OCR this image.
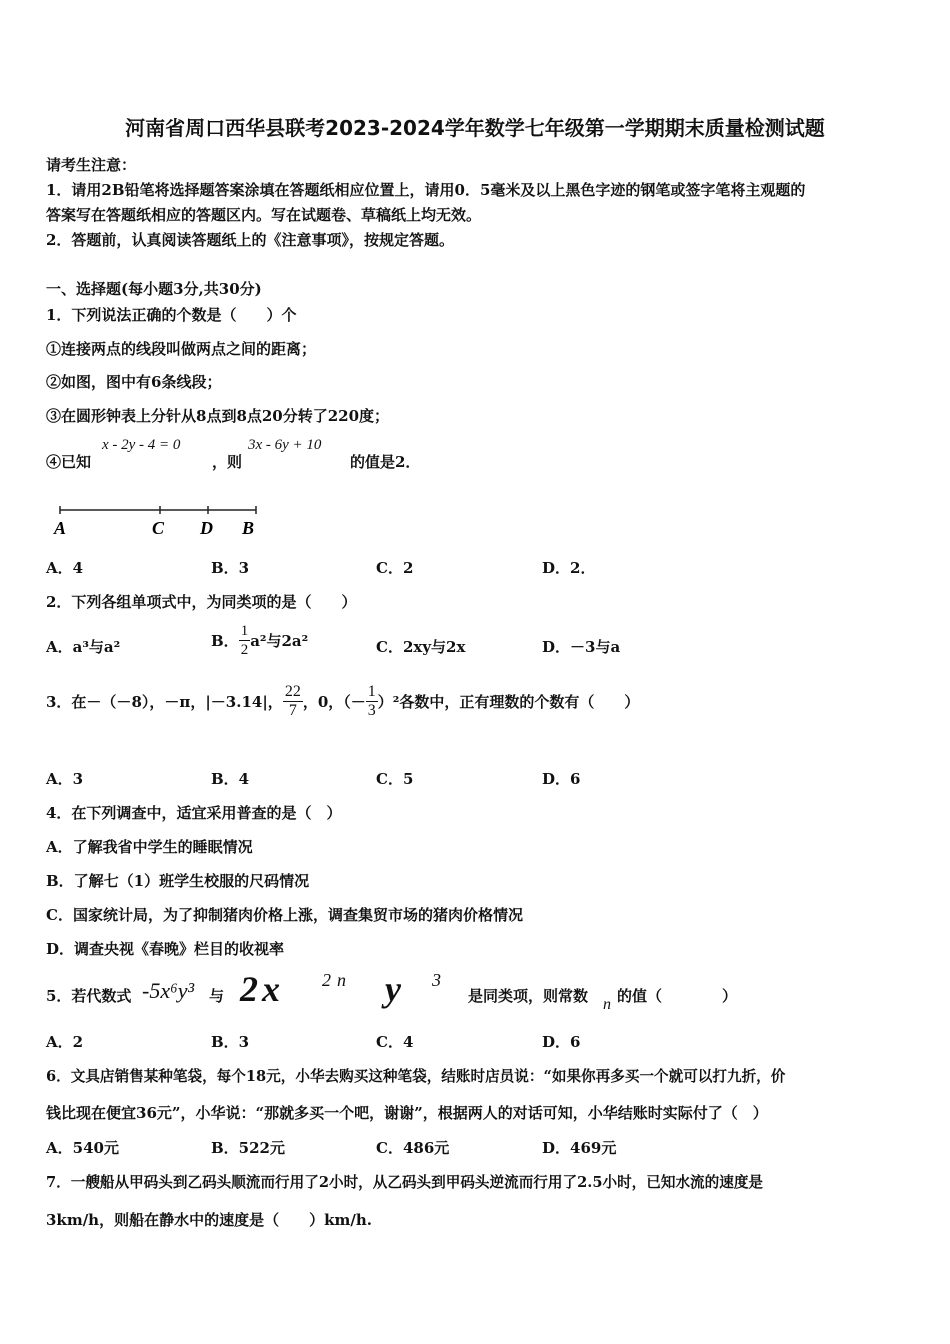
河南省周口西华县联考2023-2024学年数学七年级第一学期期末质量检测试题
请考生注意：
1．请用2B铅笔将选择题答案涂填在答题纸相应位置上，请用0．5毫米及以上黑色字迹的钢笔或签字笔将主观题的
答案写在答题纸相应的答题区内。写在试题卷、草稿纸上均无效。
2．答题前，认真阅读答题纸上的《注意事项》，按规定答题。
一、选择题(每小题3分,共30分)
1．下列说法正确的个数是（　　）个
①连接两点的线段叫做两点之间的距离；
②如图，图中有6条线段；
③在圆形钟表上分针从8点到8点20分转了220度；
④已知
x - 2y - 4 = 0
，则
3x - 6y + 10
的值是2．
A	C D B
A．4	B．3	C．2	D．2．
2．下列各组单项式中，为同类项的是（　　）
A．a³与a²	B． $\frac{1}{2} a^2$与2a²	C．2xy与2x	D．－3与a
3．在－（－8），－π，|－3.14|， $\frac{22}{7}$ ，0，（－ $\frac{1}{3} )^2$各数中，正有理数的个数有（　　）
A．3	B．4	C．5	D．6
4．在下列调查中，适宜采用普查的是（　）
A．了解我省中学生的睡眠情况
B．了解七（1）班学生校服的尺码情况
C．国家统计局，为了抑制猪肉价格上涨，调查集贸市场的猪肉价格情况
D．调查央视《春晚》栏目的收视率
5．若代数式 -5x⁶y³ 与 2x 2n y 3
是同类项，则常数 n 的值（　　　　）
A．2	B．3	C．4	D．6
6．文具店销售某种笔袋，每个18元，小华去购买这种笔袋，结账时店员说：“如果你再多买一个就可以打九折，价
钱比现在便宜36元”，小华说：“那就多买一个吧，谢谢”，根据两人的对话可知，小华结账时实际付了（　）
A．540元	B．522元	C．486元	D．469元
7．一艘船从甲码头到乙码头顺流而行用了2小时，从乙码头到甲码头逆流而行用了2.5小时，已知水流的速度是
3km/h，则船在静水中的速度是（　　）km/h.
